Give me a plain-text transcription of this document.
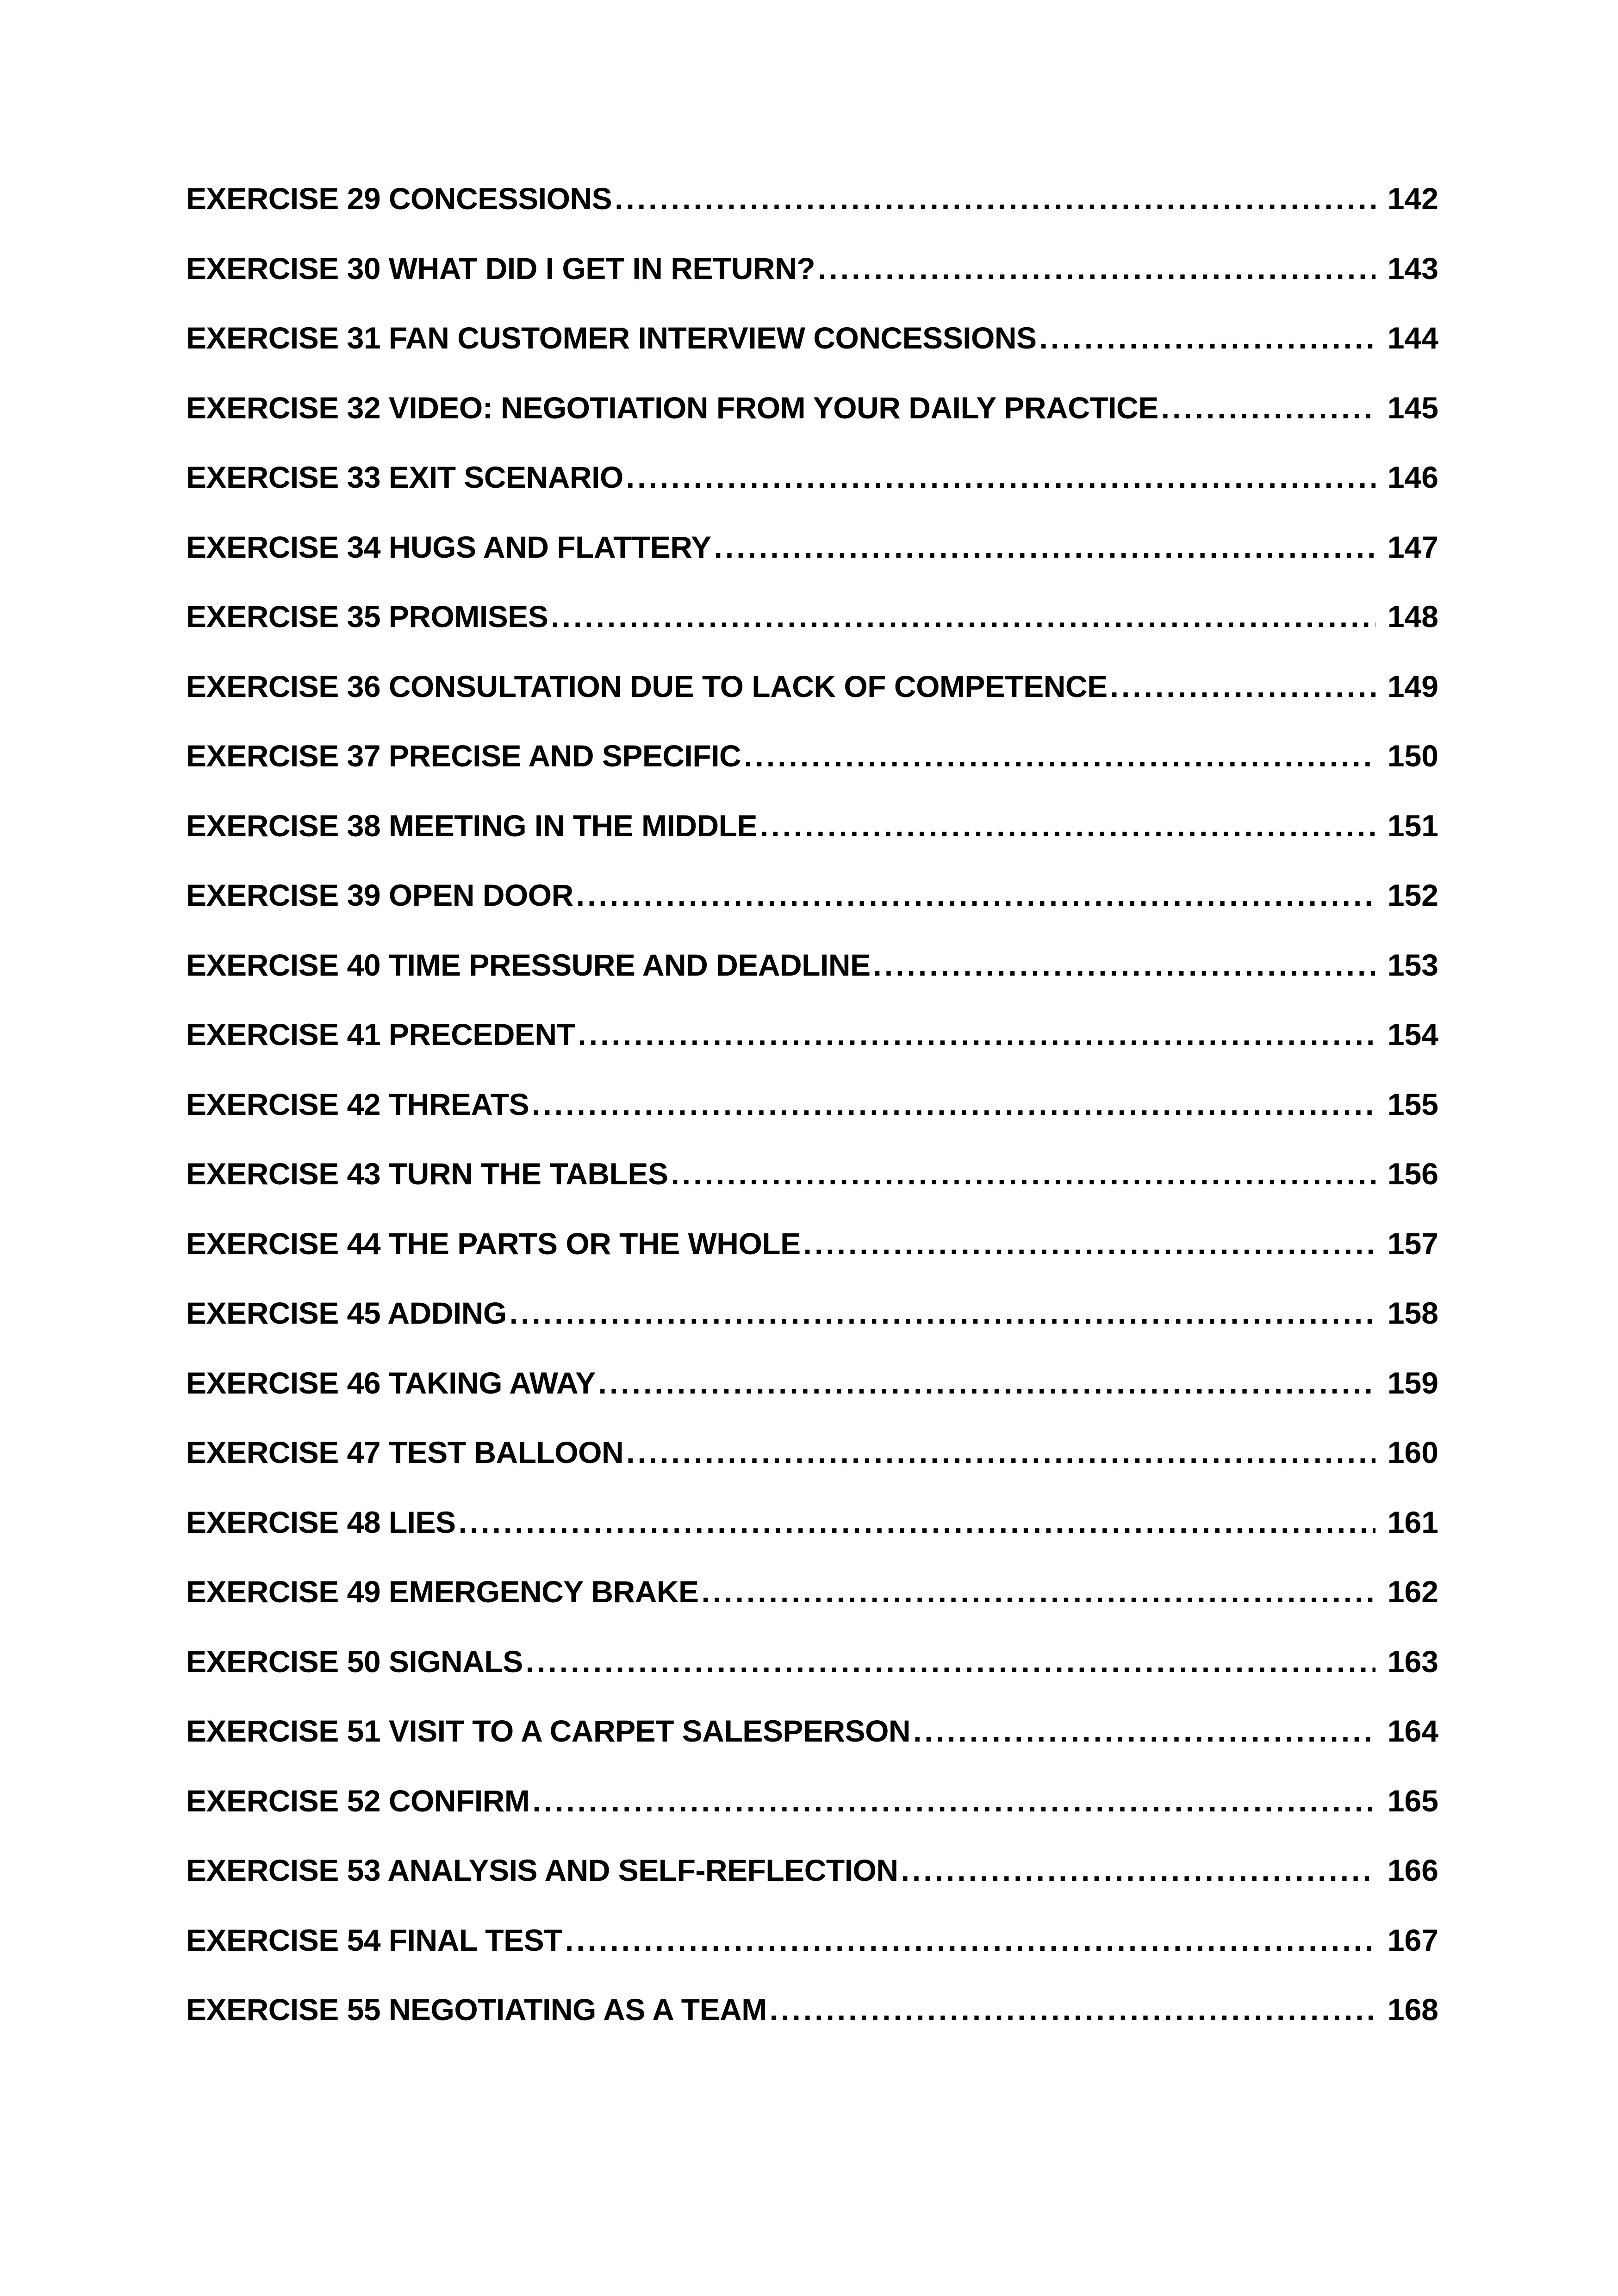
EXERCISE 29 CONCESSIONS .....	142
EXERCISE 30 WHAT DID I GET IN RETURN? .....	143
EXERCISE 31 FAN CUSTOMER INTERVIEW CONCESSIONS .....	144
EXERCISE 32 VIDEO: NEGOTIATION FROM YOUR DAILY PRACTICE .....	145
EXERCISE 33 EXIT SCENARIO .....	146
EXERCISE 34 HUGS AND FLATTERY .....	147
EXERCISE 35 PROMISES .....	148
EXERCISE 36 CONSULTATION DUE TO LACK OF COMPETENCE .....	149
EXERCISE 37 PRECISE AND SPECIFIC .....	150
EXERCISE 38 MEETING IN THE MIDDLE .....	151
EXERCISE 39 OPEN DOOR .....	152
EXERCISE 40 TIME PRESSURE AND DEADLINE .....	153
EXERCISE 41 PRECEDENT .....	154
EXERCISE 42 THREATS .....	155
EXERCISE 43 TURN THE TABLES .....	156
EXERCISE 44 THE PARTS OR THE WHOLE .....	157
EXERCISE 45 ADDING .....	158
EXERCISE 46 TAKING AWAY .....	159
EXERCISE 47 TEST BALLOON .....	160
EXERCISE 48 LIES .....	161
EXERCISE 49 EMERGENCY BRAKE .....	162
EXERCISE 50 SIGNALS .....	163
EXERCISE 51 VISIT TO A CARPET SALESPERSON .....	164
EXERCISE 52 CONFIRM .....	165
EXERCISE 53 ANALYSIS AND SELF-REFLECTION .....	166
EXERCISE 54 FINAL TEST .....	167
EXERCISE 55 NEGOTIATING AS A TEAM .....	168
